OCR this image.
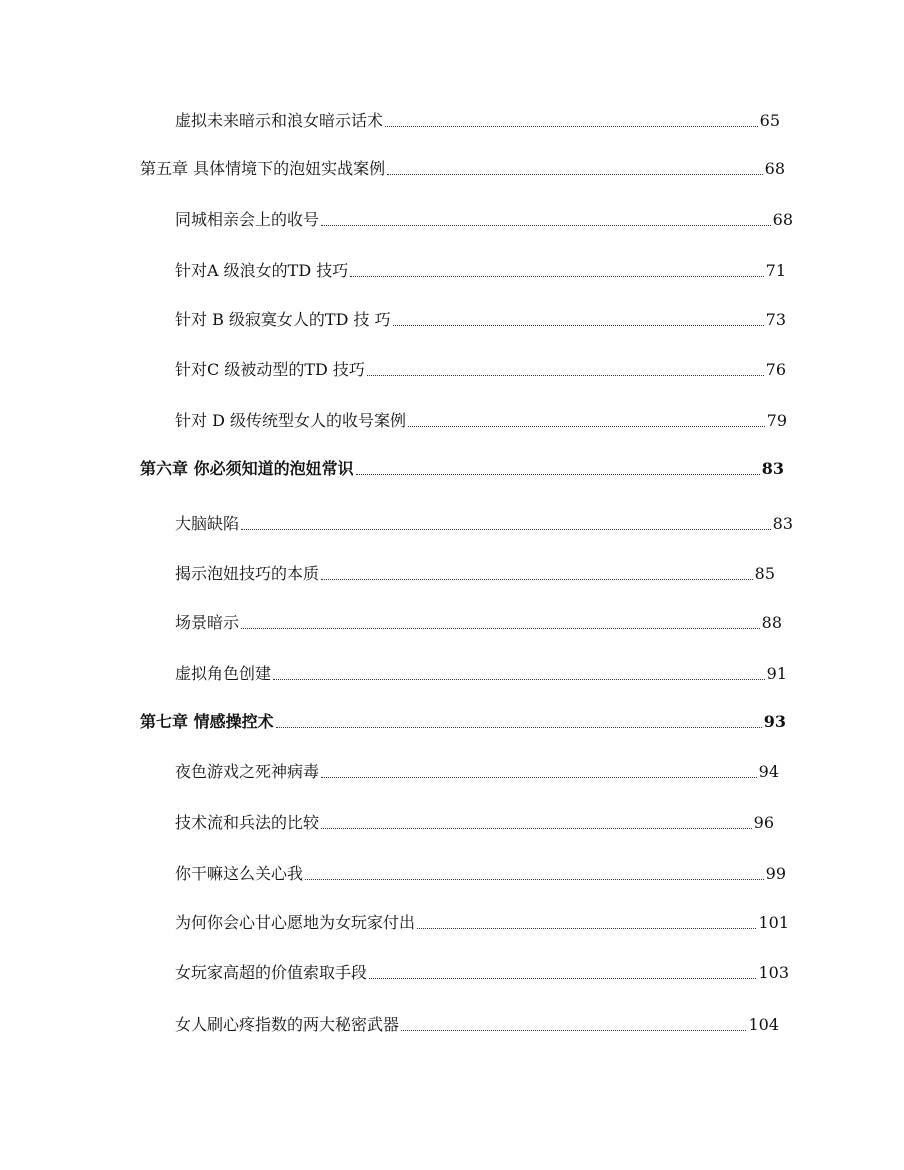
虚拟未来暗示和浪女暗示话术	65
第五章 具体情境下的泡妞实战案例	68
同城相亲会上的收号	68
针对A 级浪女的TD 技巧	71
针对 B 级寂寞女人的TD 技 巧	73
针对C 级被动型的TD 技巧	76
针对 D 级传统型女人的收号案例	79
第六章 你必须知道的泡妞常识	83
大脑缺陷	83
揭示泡妞技巧的本质	85
场景暗示	88
虚拟角色创建	91
第七章 情感操控术	93
夜色游戏之死神病毒	94
技术流和兵法的比较	96
你干嘛这么关心我	99
为何你会心甘心愿地为女玩家付出	101
女玩家高超的价值索取手段	103
女人刷心疼指数的两大秘密武器	104
